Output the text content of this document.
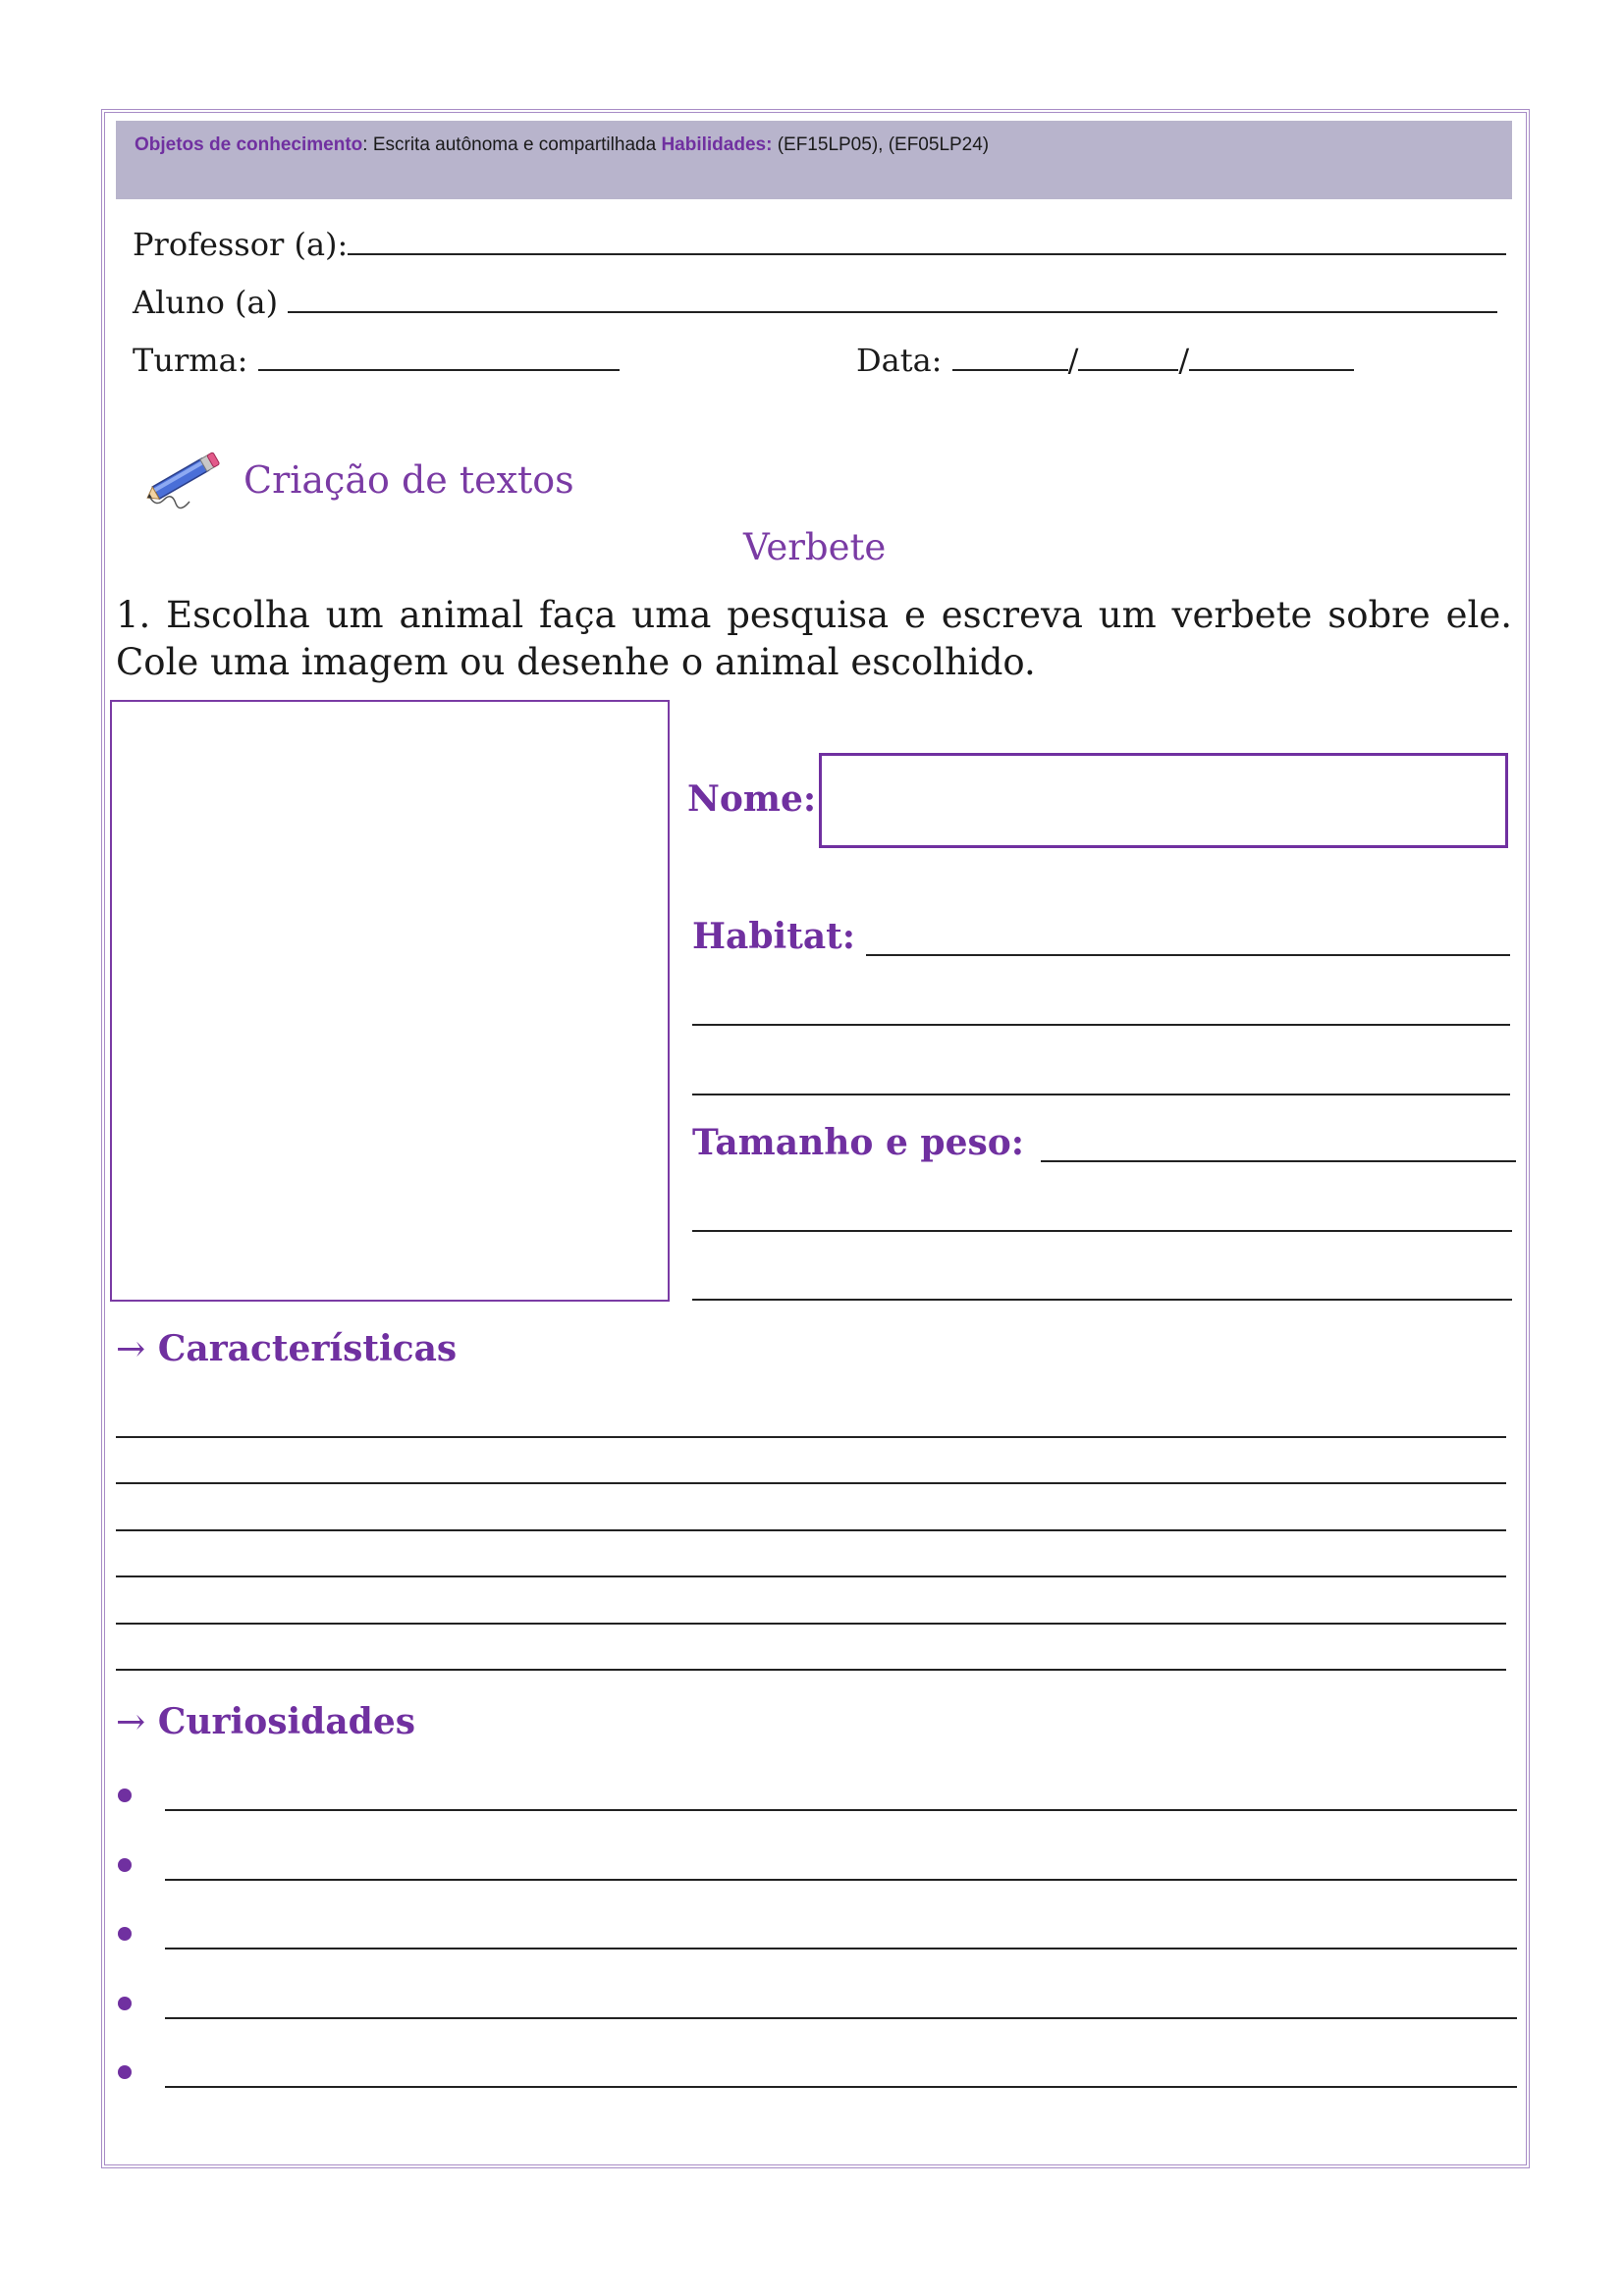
Objetos de conhecimento: Escrita autônoma e compartilhada Habilidades: (EF15LP05), (EF05LP24)
Professor (a):
Aluno (a)
Turma:	Data:	/	/
Criação de textos
Verbete
1. Escolha um animal faça uma pesquisa e escreva um verbete sobre ele. Cole uma imagem ou desenhe o animal escolhido.
Nome:
Habitat:
Tamanho e peso:
→ Características
→ Curiosidades
